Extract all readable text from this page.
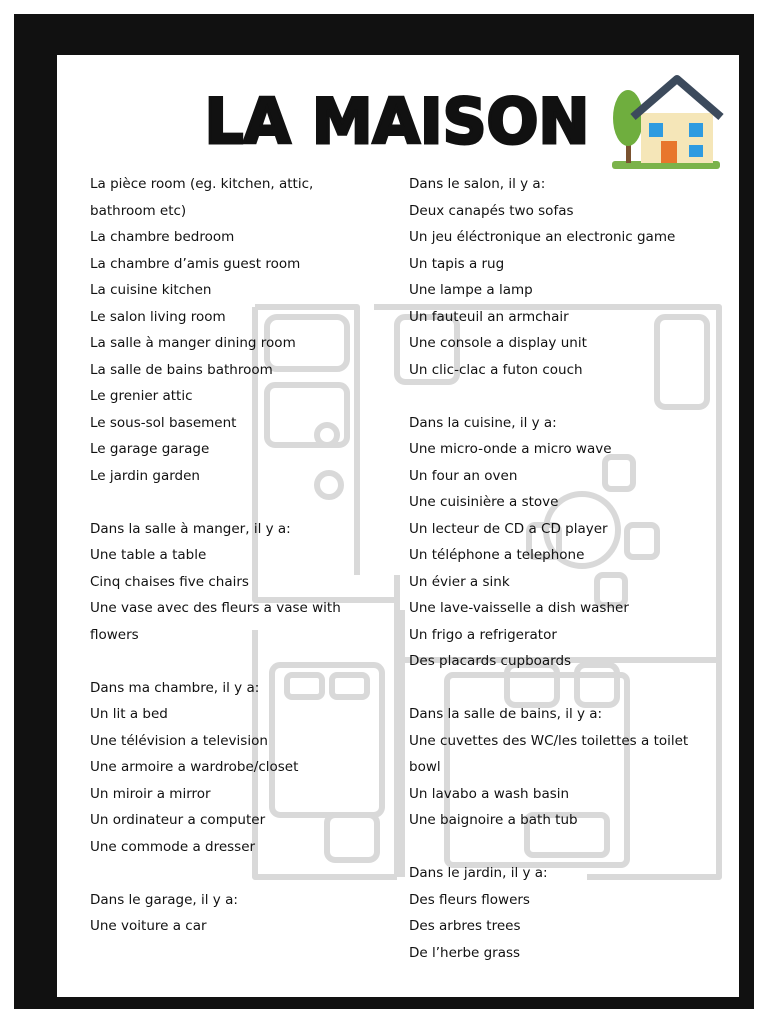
LA MAISON
La pièce room (eg. kitchen, attic,
bathroom etc)
La chambre bedroom
La chambre d’amis guest room
La cuisine kitchen
Le salon living room
La salle à manger dining room
La salle de bains bathroom
Le grenier attic
Le sous-sol basement
Le garage garage
Le jardin garden
Dans la salle à manger, il y a:
Une table a table
Cinq chaises five chairs
Une vase avec des fleurs a vase with
flowers
Dans ma chambre, il y a:
Un lit a bed
Une télévision a television
Une armoire a wardrobe/closet
Un miroir a mirror
Un ordinateur a computer
Une commode a dresser
Dans le garage, il y a:
Une voiture a car
Dans le salon, il y a:
Deux canapés two sofas
Un jeu éléctronique an electronic game
Un tapis a rug
Une lampe a lamp
Un fauteuil an armchair
Une console a display unit
Un clic-clac a futon couch
Dans la cuisine, il y a:
Une micro-onde a micro wave
Un four an oven
Une cuisinière a stove
Un lecteur de CD a CD player
Un téléphone a telephone
Un évier a sink
Une lave-vaisselle a dish washer
Un frigo a refrigerator
Des placards cupboards
Dans la salle de bains, il y a:
Une cuvettes des WC/les toilettes a toilet
bowl
Un lavabo a wash basin
Une baignoire a bath tub
Dans le jardin, il y a:
Des fleurs flowers
Des arbres trees
De l’herbe grass
